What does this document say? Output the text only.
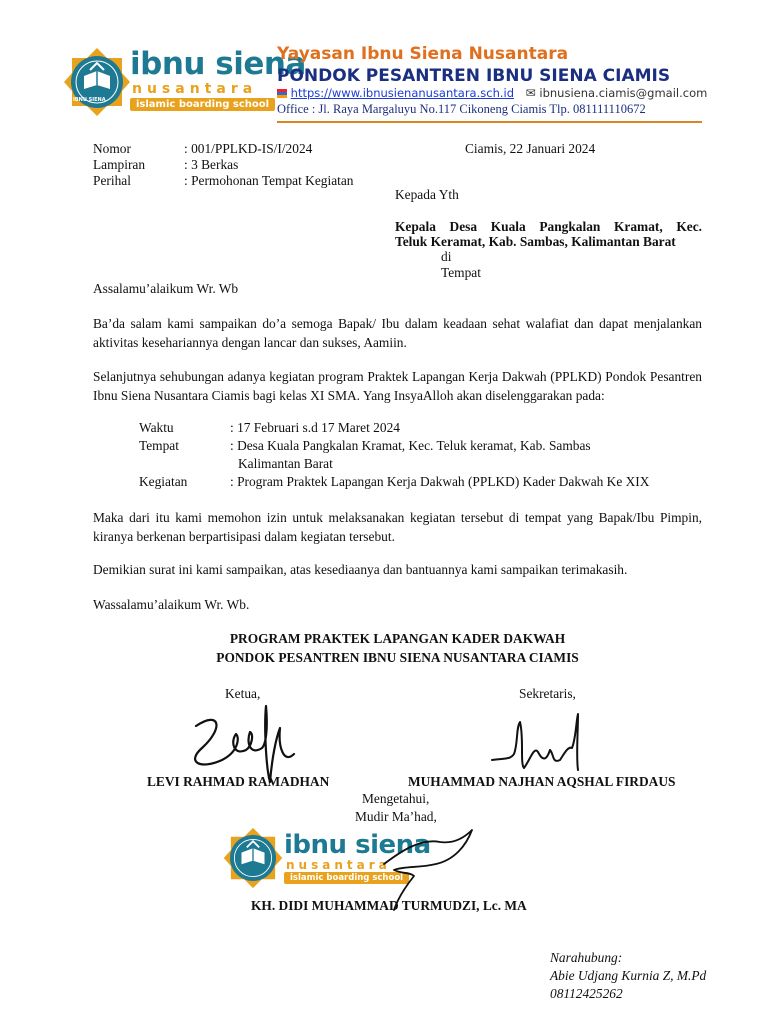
IBNU SIENA
ibnu siena
nusantara
islamic boarding school
Yayasan Ibnu Siena Nusantara
PONDOK PESANTREN IBNU SIENA CIAMIS
https://www.ibnusienanusantara.sch.id ✉ ibnusiena.ciamis@gmail.com
Office : Jl. Raya Margaluyu No.117 Cikoneng Ciamis Tlp. 081111110672
Nomor	: 001/PPLKD-IS/I/2024
Lampiran	: 3 Berkas
Perihal	: Permohonan Tempat Kegiatan
Ciamis, 22 Januari 2024
Kepada Yth
Kepala Desa Kuala Pangkalan Kramat, Kec.
Teluk Keramat, Kab. Sambas, Kalimantan Barat
di
Tempat
Assalamu’alaikum Wr. Wb
Ba’da salam kami sampaikan do’a semoga Bapak/ Ibu dalam keadaan sehat walafiat dan dapat menjalankan aktivitas kesehariannya dengan lancar dan sukses, Aamiin.
Selanjutnya sehubungan adanya kegiatan program Praktek Lapangan Kerja Dakwah (PPLKD) Pondok Pesantren Ibnu Siena Nusantara Ciamis bagi kelas XI SMA. Yang InsyaAlloh akan diselenggarakan pada:
Waktu	: 17 Februari s.d 17 Maret 2024
Tempat	: Desa Kuala Pangkalan Kramat, Kec. Teluk keramat, Kab. Sambas
Kalimantan Barat
Kegiatan	: Program Praktek Lapangan Kerja Dakwah (PPLKD) Kader Dakwah Ke XIX
Maka dari itu kami memohon izin untuk melaksanakan kegiatan tersebut di tempat yang Bapak/Ibu Pimpin, kiranya berkenan berpartisipasi dalam kegiatan tersebut.
Demikian surat ini kami sampaikan, atas kesediaanya dan bantuannya kami sampaikan terimakasih.
Wassalamu’alaikum Wr. Wb.
PROGRAM PRAKTEK LAPANGAN KADER DAKWAH
PONDOK PESANTREN IBNU SIENA NUSANTARA CIAMIS
Ketua,	Sekretaris,
LEVI RAHMAD RAMADHAN	MUHAMMAD NAJHAN AQSHAL FIRDAUS
Mengetahui,
Mudir Ma’had,
ibnu siena
nusantara
islamic boarding school
KH. DIDI MUHAMMAD TURMUDZI, Lc. MA
Narahubung:
Abie Udjang Kurnia Z, M.Pd
08112425262
